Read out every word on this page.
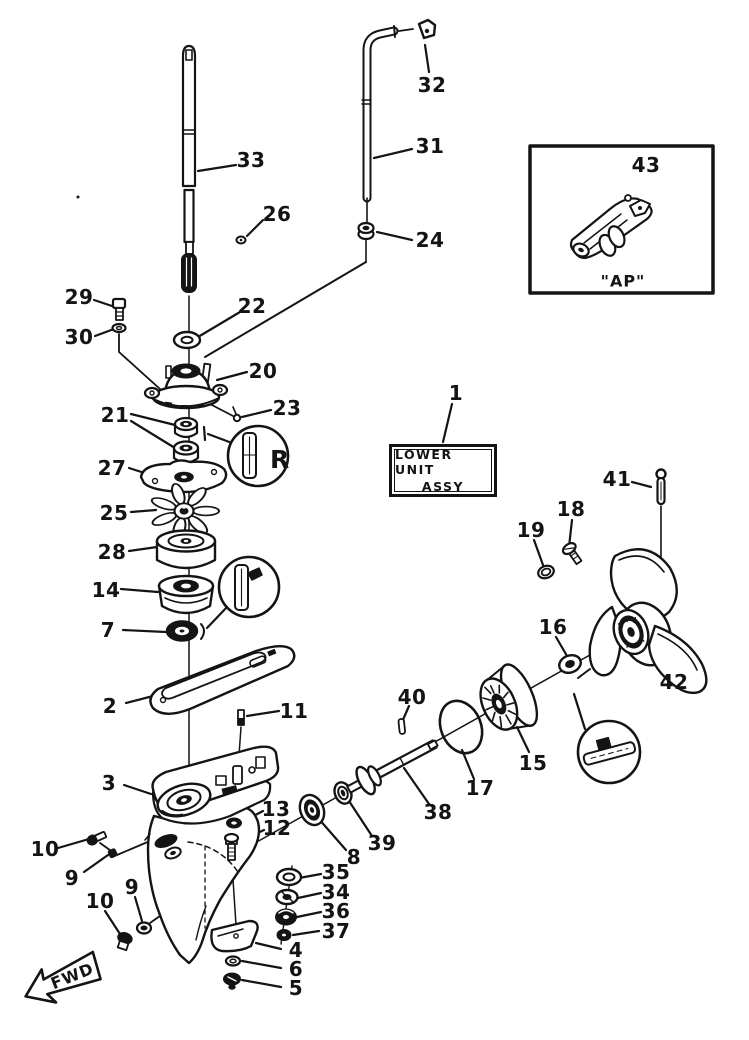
R
FWD
33
26
31
32
24
29
30
22
20
23
21
27
25
28
14
7
2	11
3
10
9
10
9
13
12
8
39
38
40
17
15
16
19
18
41
42
35
34
36
37
4
6
5
1
43
LOWER UNIT
ASSY
"AP"
